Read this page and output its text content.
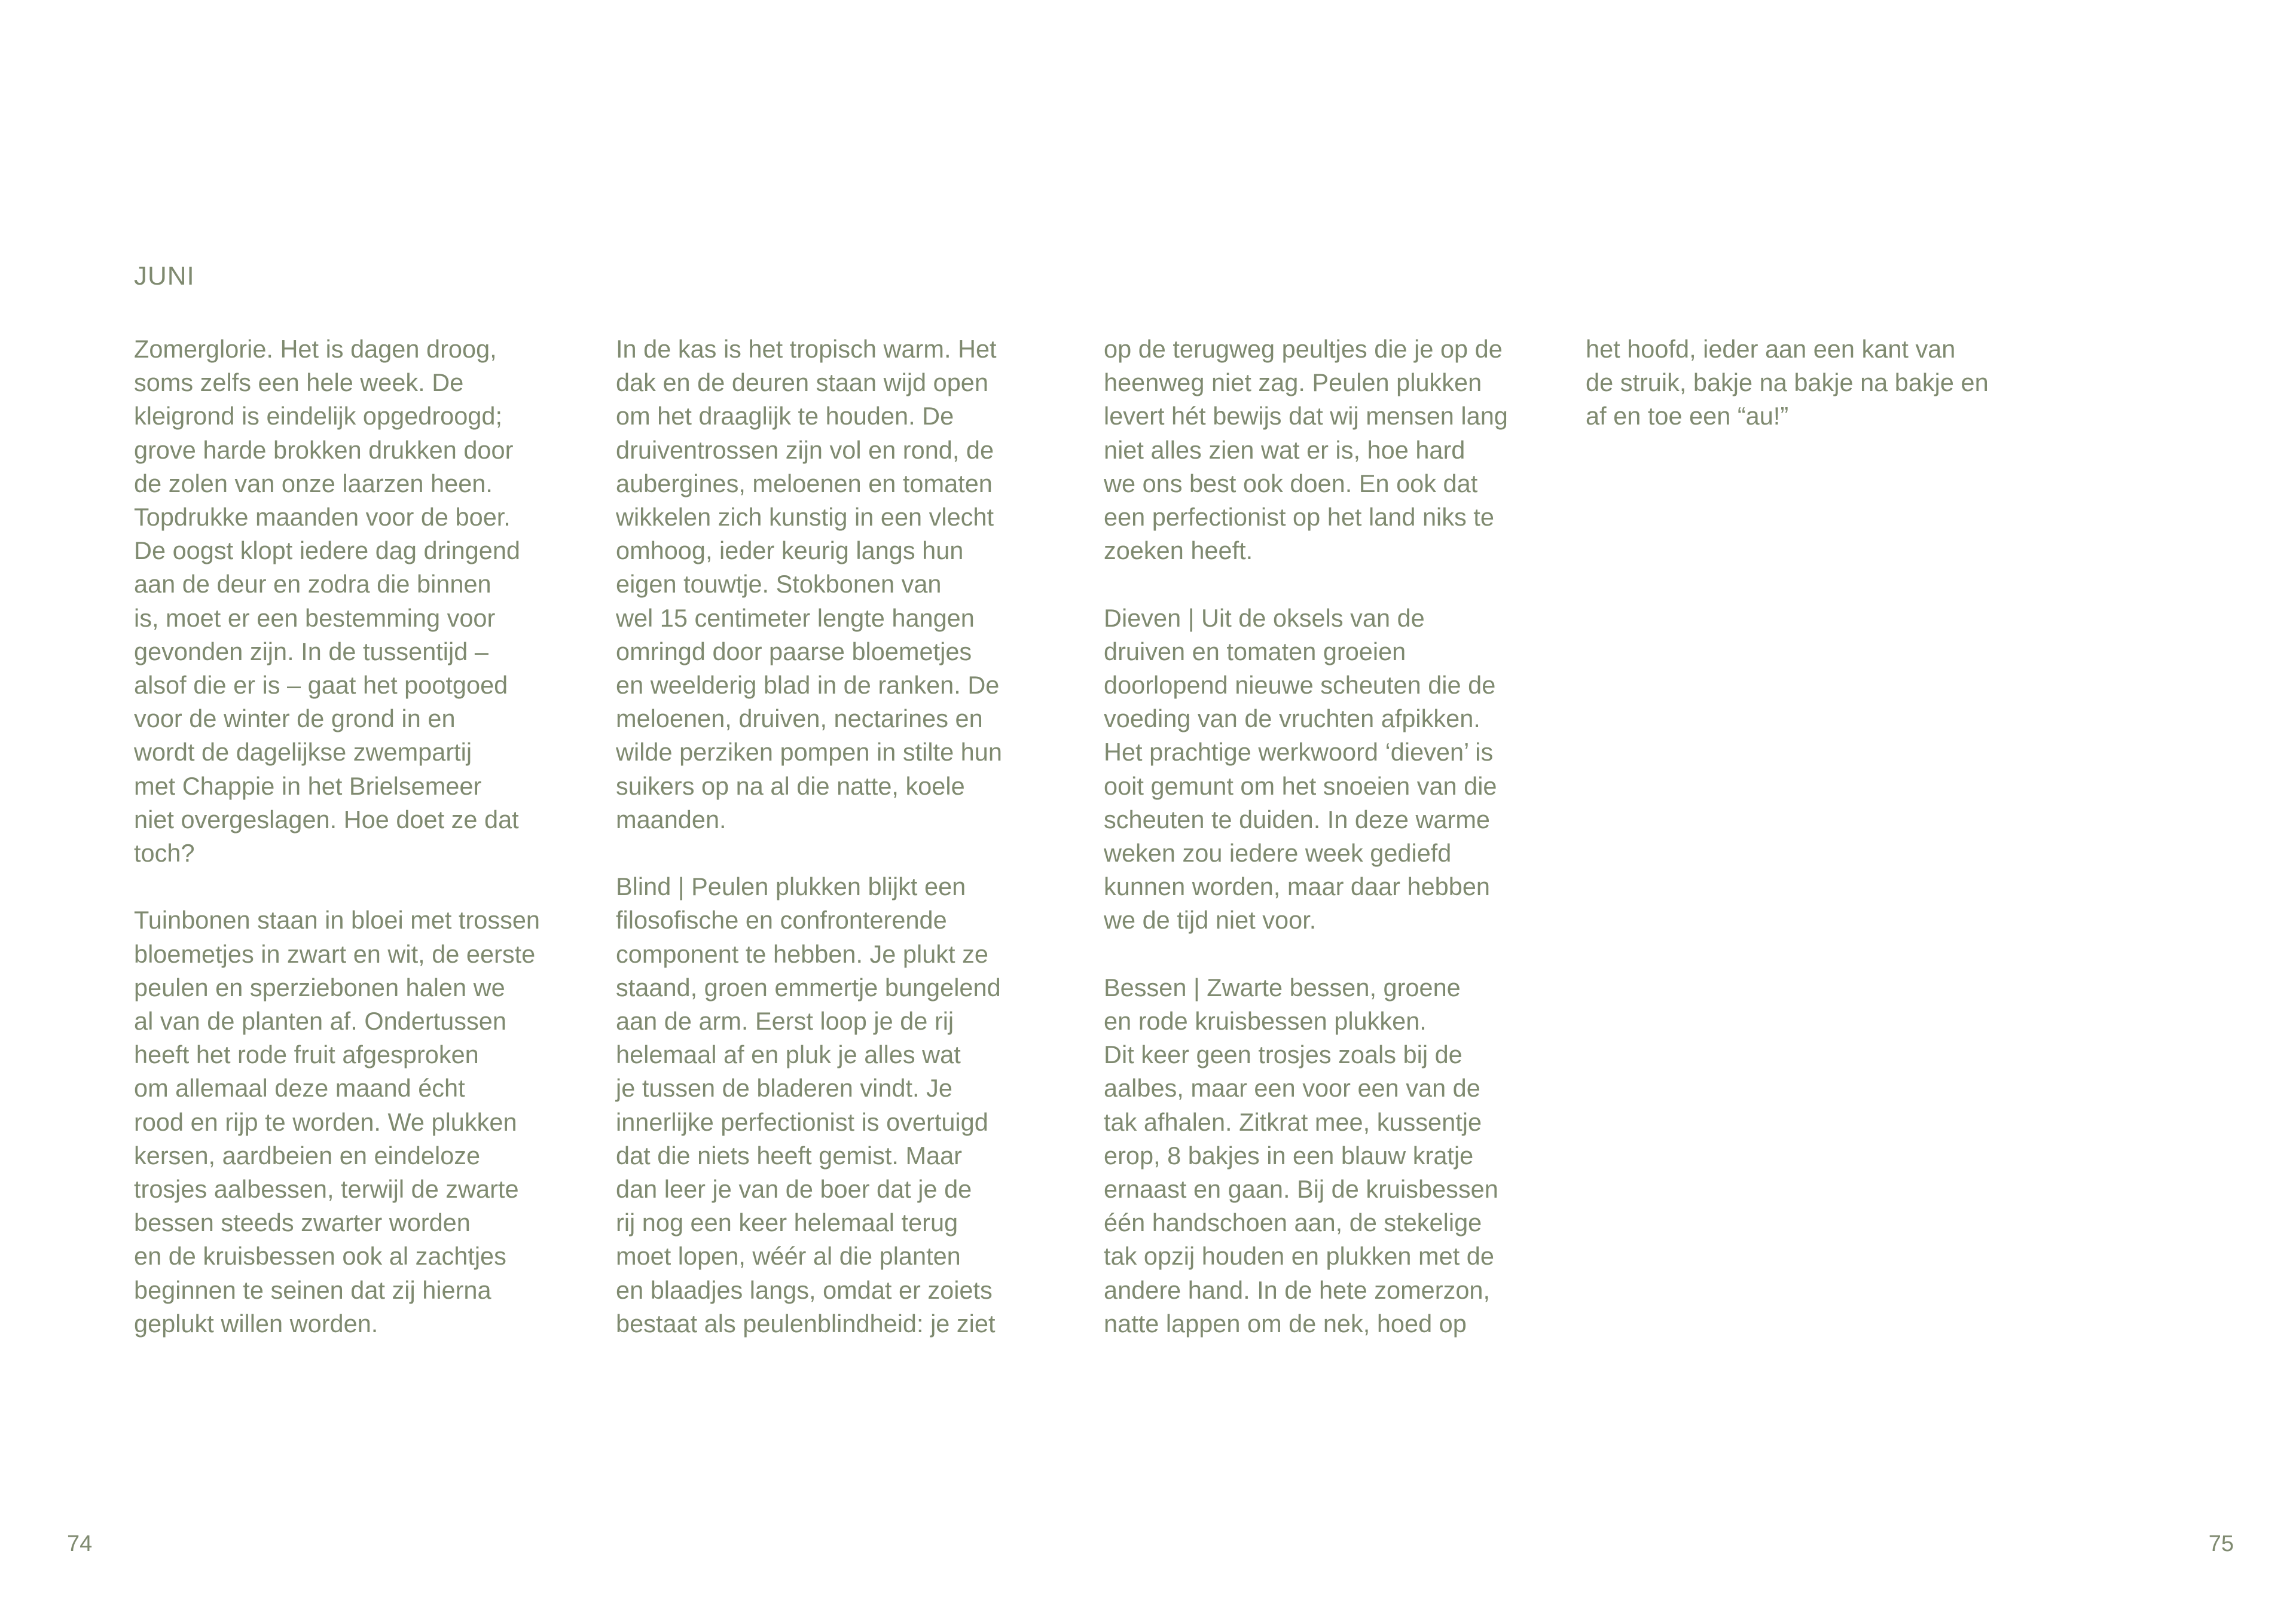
JUNI

Zomerglorie. Het is dagen droog,
soms zelfs een hele week. De
kleigrond is eindelijk opgedroogd;
grove harde brokken drukken door
de zolen van onze laarzen heen.
Topdrukke maanden voor de boer.
De oogst klopt iedere dag dringend
aan de deur en zodra die binnen
is, moet er een bestemming voor
gevonden zijn. In de tussentijd –
alsof die er is – gaat het pootgoed
voor de winter de grond in en
wordt de dagelijkse zwempartij
met Chappie in het Brielsemeer
niet overgeslagen. Hoe doet ze dat
toch?

Tuinbonen staan in bloei met trossen
bloemetjes in zwart en wit, de eerste
peulen en sperziebonen halen we
al van de planten af. Ondertussen
heeft het rode fruit afgesproken
om allemaal deze maand écht
rood en rijp te worden. We plukken
kersen, aardbeien en eindeloze
trosjes aalbessen, terwijl de zwarte
bessen steeds zwarter worden
en de kruisbessen ook al zachtjes
beginnen te seinen dat zij hierna
geplukt willen worden.

In de kas is het tropisch warm. Het
dak en de deuren staan wijd open
om het draaglijk te houden. De
druiventrossen zijn vol en rond, de
aubergines, meloenen en tomaten
wikkelen zich kunstig in een vlecht
omhoog, ieder keurig langs hun
eigen touwtje. Stokbonen van
wel 15 centimeter lengte hangen
omringd door paarse bloemetjes
en weelderig blad in de ranken. De
meloenen, druiven, nectarines en
wilde perziken pompen in stilte hun
suikers op na al die natte, koele
maanden.

Blind | Peulen plukken blijkt een
filosofische en confronterende
component te hebben. Je plukt ze
staand, groen emmertje bungelend
aan de arm. Eerst loop je de rij
helemaal af en pluk je alles wat
je tussen de bladeren vindt. Je
innerlijke perfectionist is overtuigd
dat die niets heeft gemist. Maar
dan leer je van de boer dat je de
rij nog een keer helemaal terug
moet lopen, wéér al die planten
en blaadjes langs, omdat er zoiets
bestaat als peulenblindheid: je ziet

op de terugweg peultjes die je op de
heenweg niet zag. Peulen plukken
levert hét bewijs dat wij mensen lang
niet alles zien wat er is, hoe hard
we ons best ook doen. En ook dat
een perfectionist op het land niks te
zoeken heeft.

Dieven | Uit de oksels van de
druiven en tomaten groeien
doorlopend nieuwe scheuten die de
voeding van de vruchten afpikken.
Het prachtige werkwoord ‘dieven’ is
ooit gemunt om het snoeien van die
scheuten te duiden. In deze warme
weken zou iedere week gediefd
kunnen worden, maar daar hebben
we de tijd niet voor.

Bessen | Zwarte bessen, groene
en rode kruisbessen plukken.
Dit keer geen trosjes zoals bij de
aalbes, maar een voor een van de
tak afhalen. Zitkrat mee, kussentje
erop, 8 bakjes in een blauw kratje
ernaast en gaan. Bij de kruisbessen
één handschoen aan, de stekelige
tak opzij houden en plukken met de
andere hand. In de hete zomerzon,
natte lappen om de nek, hoed op

het hoofd, ieder aan een kant van
de struik, bakje na bakje na bakje en
af en toe een “au!”

74	75
